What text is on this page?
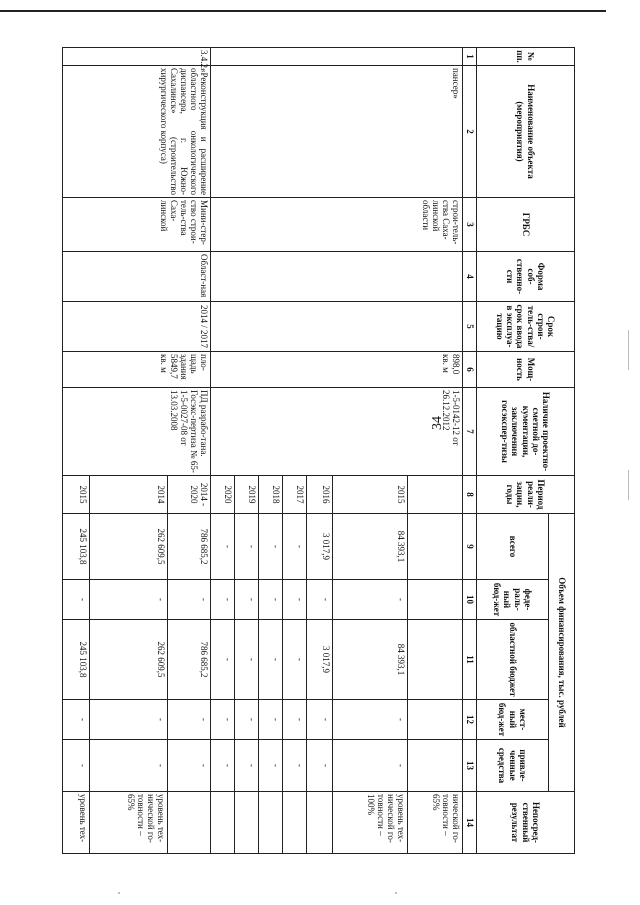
34
№ пп.	Наименование объекта (мероприятия)	ГРБС	Форма соб-ственно-сти	Срок строи-тель-ства/срок ввода в эксплуа-тацию	Мощ-ность	Наличие проектно-сметной до-кументации, заключения госэкспер-тизы	Период реали-зации, годы	Объем финансирования, тыс. рублей					Непосред-ственный результат
								всего	феде-раль-ный бюд-жет	областной бюджет	мест-ный бюд-жет	привле-ченные средства	
1	2	3	4	5	6	7	8	9	10	11	12	13	14
	пансер»	строи-тель-ства Саха-линской области			898,0 кв. м	1-5-0142-12 от 26.12.2012							нической го-товности – 65%
							2015	84 393,1	-	84 393,1	-	-	уровень тех-нической го-товности – 100%
							2016	3 017,9	-	3 017,9	-	-	
							2017	-	-	-	-	-	
							2018	-	-	-	-	-	
							2019	-	-	-	-	-	
							2020	-	-	-	-	-	
3.4.2.	«Реконструкция и расширение областного онкологического диспансера, г. Южно-Сахалинск» (строительство хирургического корпуса)	Мини-стер-ство строи-тель-ства Саха-линской	Област-ная	2014 / 2017	пло-щадь здания 5849,7 кв. м	ПД разрабо-тана. Госэкс-пертиза № 65-1-5-0027-08 от 13.03.2008	2014 - 2020	786 685,2	-	786 685,2	-	-	
							2014	262 609,5	-	262 609,5	-	-	уровень тех-нической го-товности – 65%
							2015	245 103,8	-	245 103,8	-	-	уровень тех-
